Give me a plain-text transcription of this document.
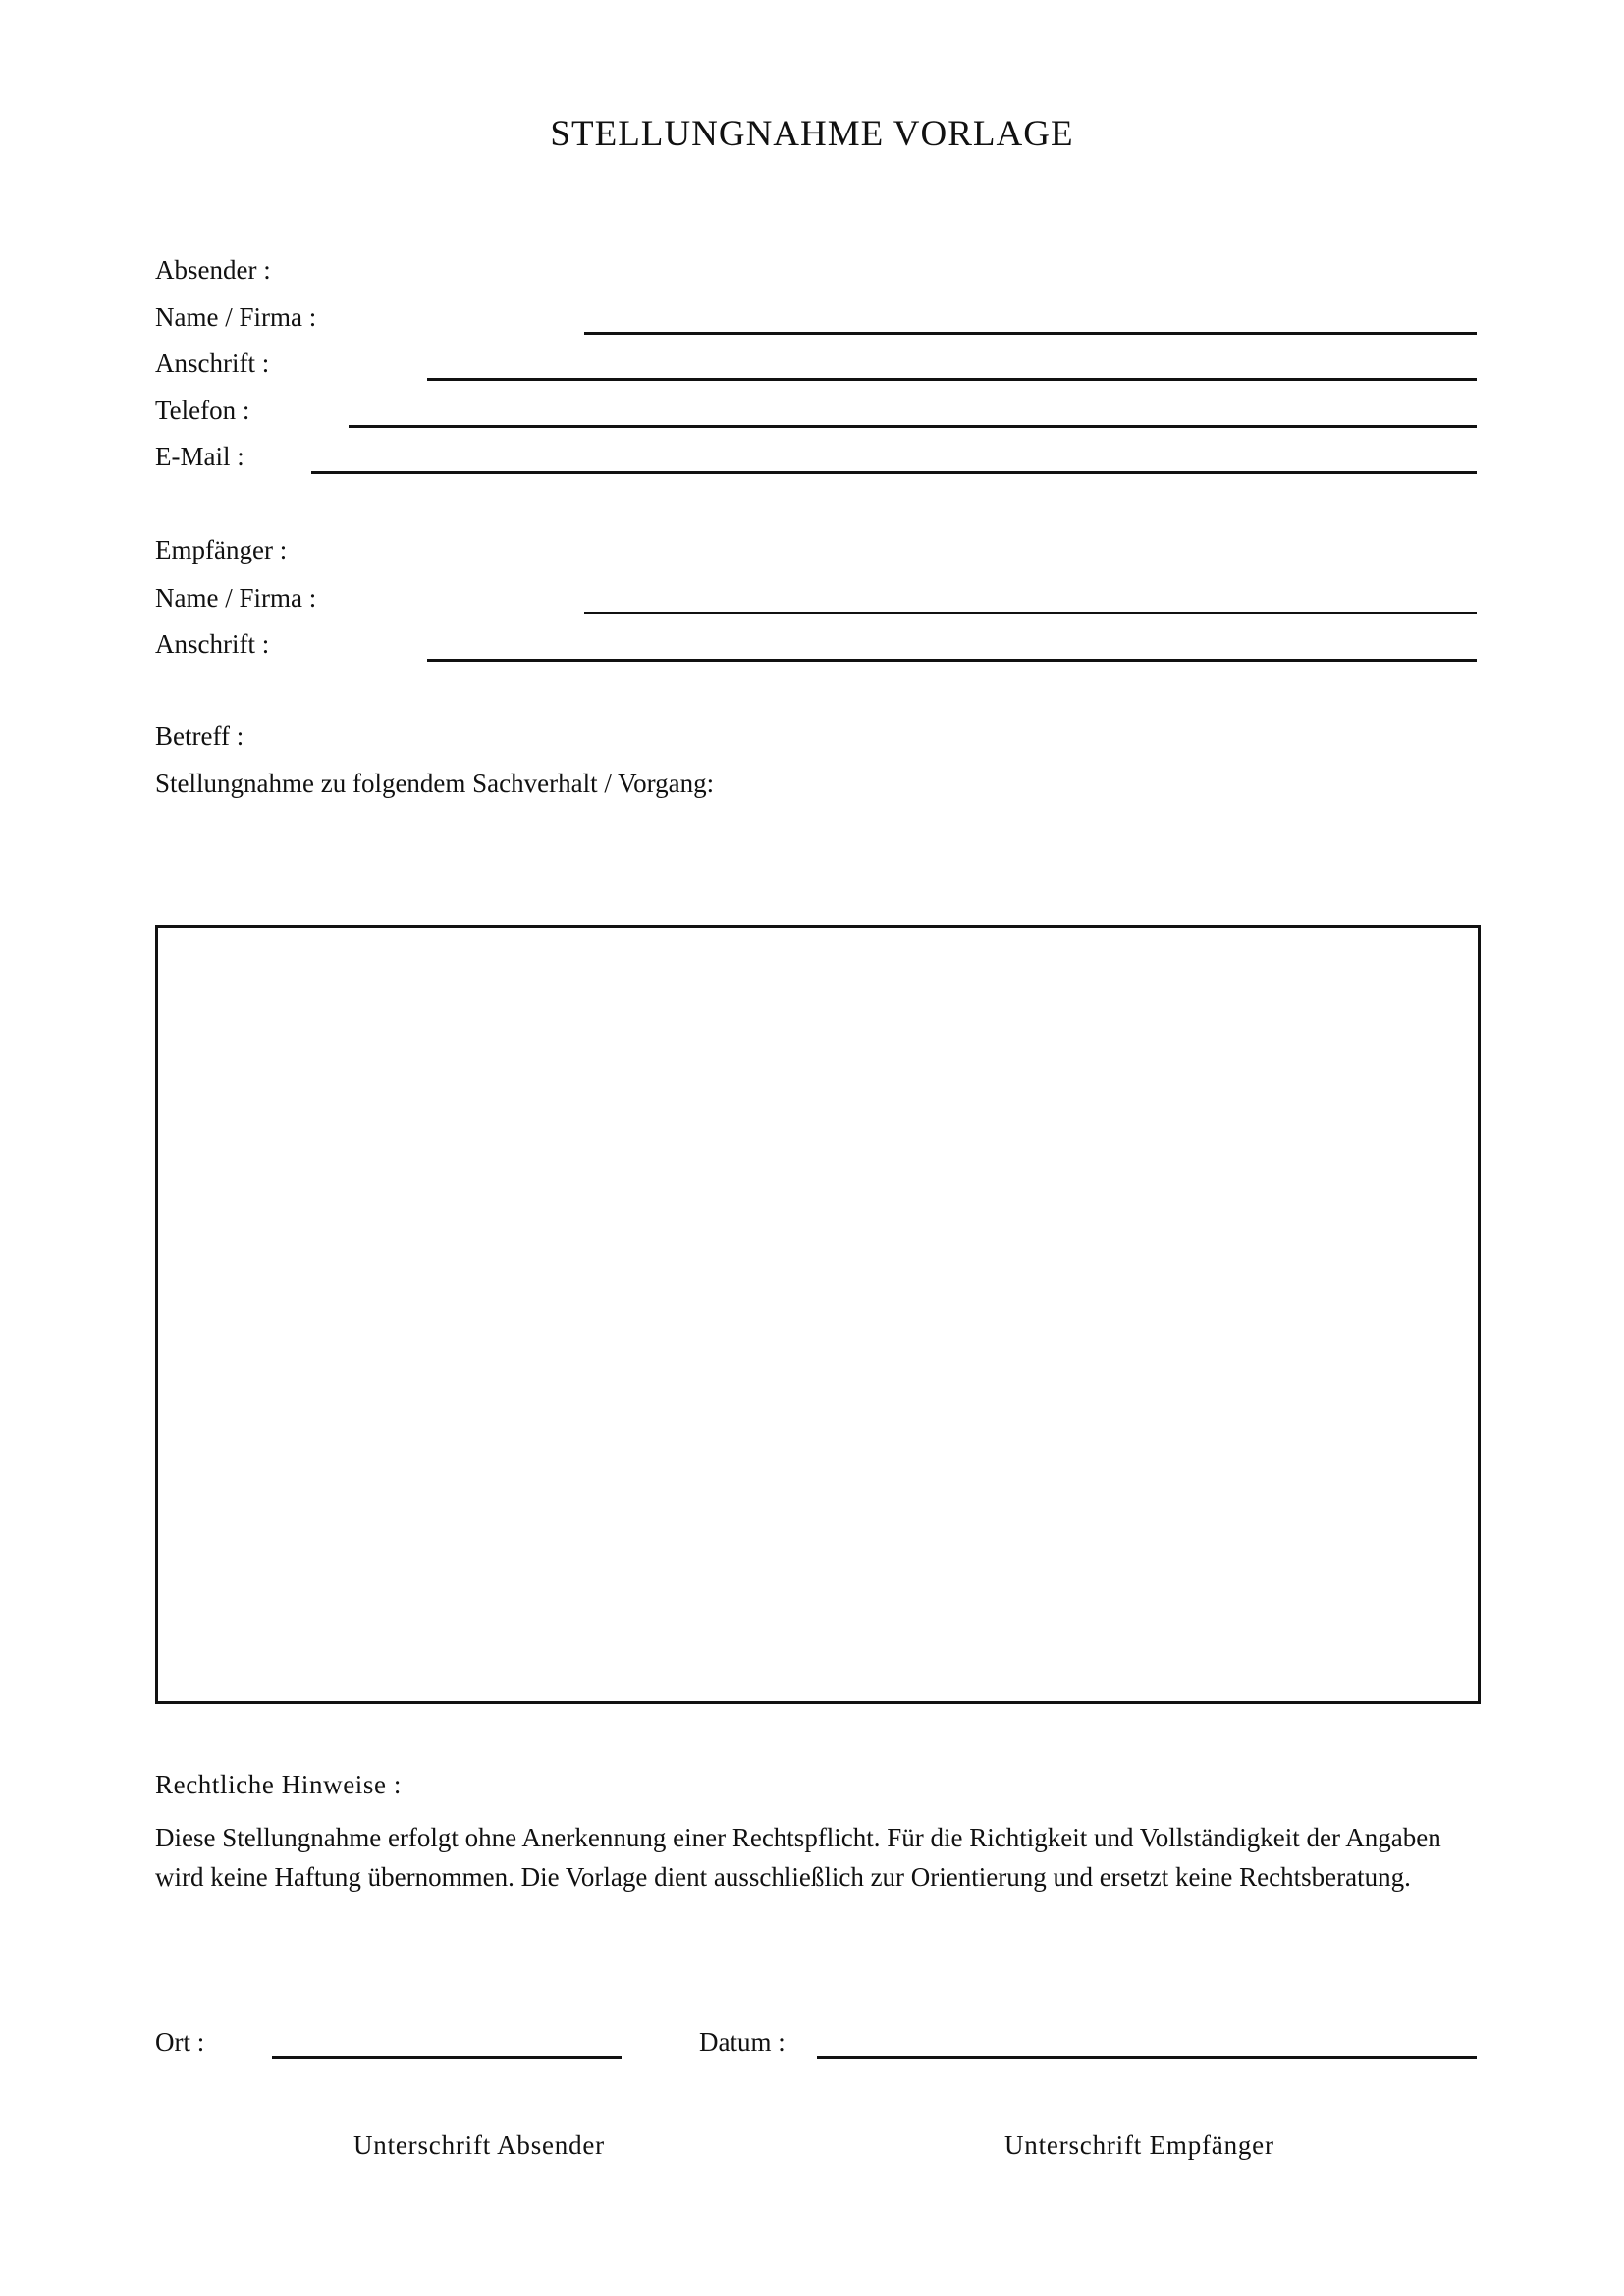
STELLUNGNAHME VORLAGE
Absender :
Name / Firma :
Anschrift :
Telefon :
E-Mail :
Empfänger :
Name / Firma :
Anschrift :
Betreff :
Stellungnahme zu folgendem Sachverhalt / Vorgang:
Rechtliche Hinweise :
Diese Stellungnahme erfolgt ohne Anerkennung einer Rechtspflicht. Für die Richtigkeit und Vollständigkeit der Angaben wird keine Haftung übernommen. Die Vorlage dient ausschließlich zur Orientierung und ersetzt keine Rechtsberatung.
Ort :	Datum :
Unterschrift Absender	Unterschrift Empfänger
